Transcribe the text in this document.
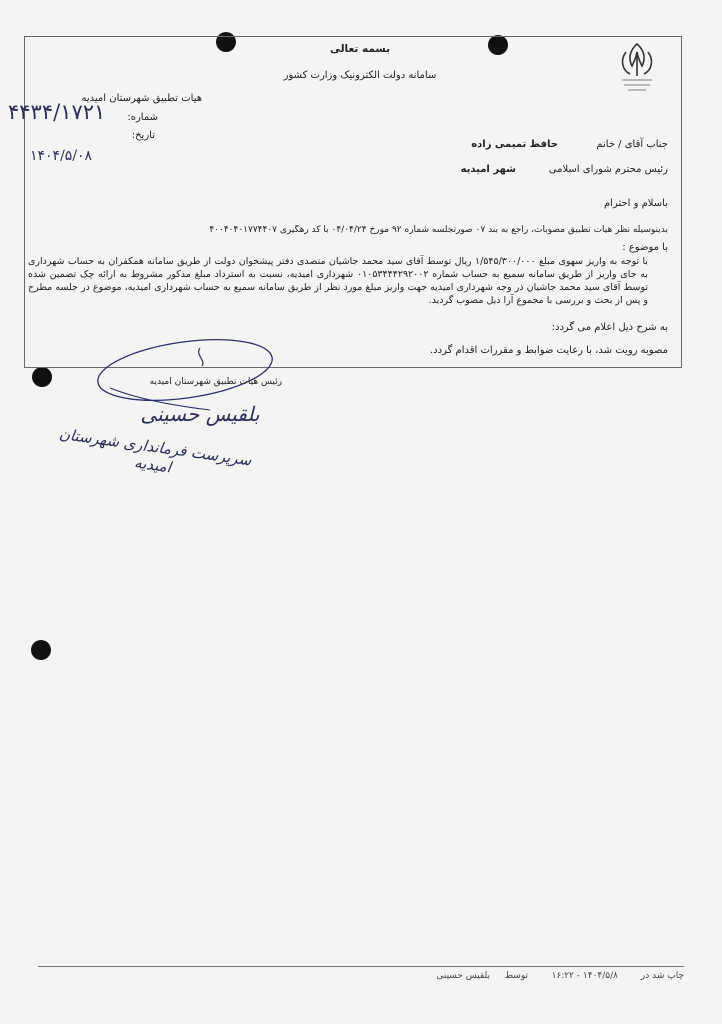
بسمه تعالی
سامانه دولت الکترونیک وزارت کشور
هیات تطبیق شهرستان امیدیه
شماره:
۴۴۳۴/۱۷۲۱
تاریخ:
۱۴۰۴/۵/۰۸
جناب آقای / خانم
حافظ تمیمی زاده
رئیس محترم شورای اسلامی
شهر امیدیه
باسلام و احترام
بدینوسیله نظر هیات تطبیق مصوبات، راجع به بند ۰۷ صورتجلسه شماره ۹۲ مورخ ۰۴/۰۴/۲۴ با کد رهگیری ۴۰۰۴۰۴۰۱۷۷۴۴۰۷
با موضوع :
با توجه به واریز سهوی مبلغ ۱/۵۴۵/۳۰۰/۰۰۰ ریال توسط آقای سید محمد جاشیان متصدی دفتر پیشخوان دولت از طریق سامانه همکفران به حساب شهرداری به جای واریز از طریق سامانه سمیع به حساب شماره ۰۱۰۵۳۴۴۴۲۹۲۰۰۲ شهرداری امیدیه، نسبت به استرداد مبلغ مذکور مشروط به ارائه چک تضمین شده توسط آقای سید محمد جاشیان در وجه شهرداری امیدیه جهت واریز مبلغ مورد نظر از طریق سامانه سمیع به حساب شهرداری امیدیه، موضوع در جلسه مطرح و پس از بحث و بررسی با مجموع آرا ذیل مصوب گردید.
به شرح ذیل اعلام می گردد:
مصوبه رویت شد، با رعایت ضوابط و مقررات اقدام گردد.
رئیس هیات تطبیق شهرستان امیدیه
بلقیس حسینی
سرپرست فرمانداری شهرستان امیدیه
چاپ شد در
۱۴۰۴/۵/۸ - ۱۶:۲۲
توسط
بلقیس حسینی
